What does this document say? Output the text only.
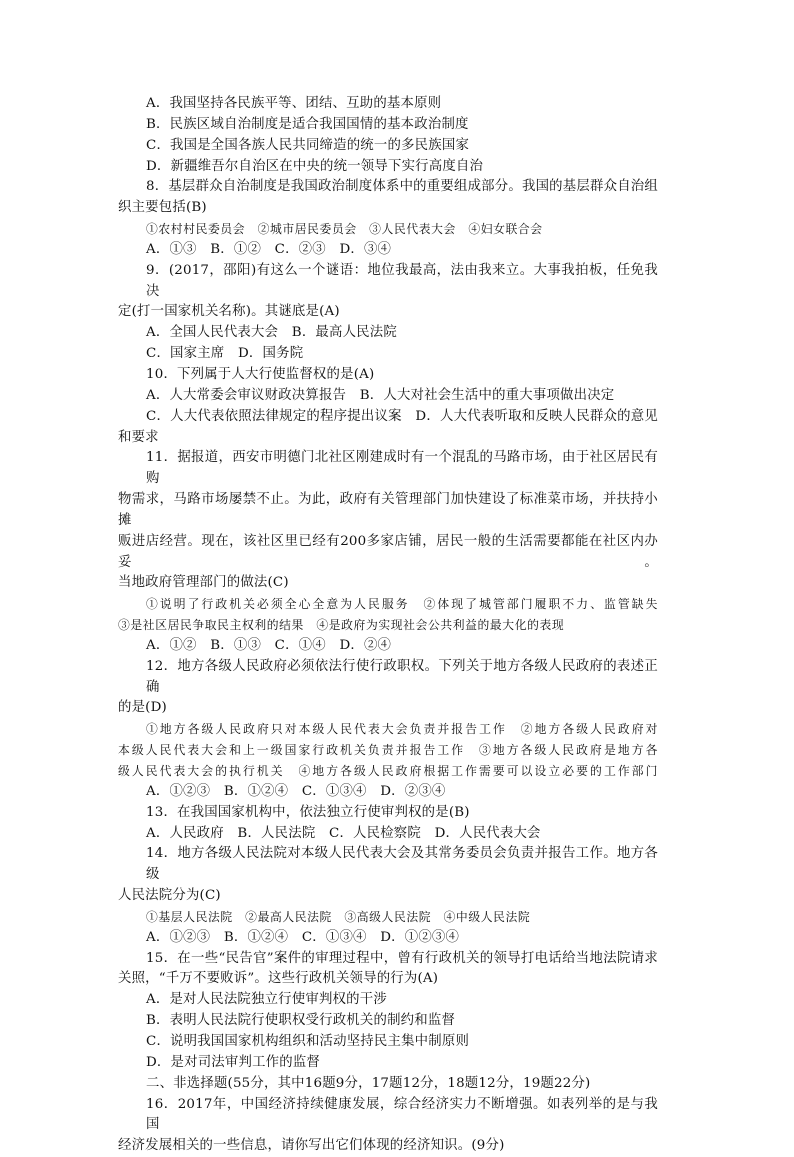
A．我国坚持各民族平等、团结、互助的基本原则
B．民族区域自治制度是适合我国国情的基本政治制度
C．我国是全国各族人民共同缔造的统一的多民族国家
D．新疆维吾尔自治区在中央的统一领导下实行高度自治
8．基层群众自治制度是我国政治制度体系中的重要组成部分。我国的基层群众自治组
织主要包括(B)
①农村村民委员会　②城市居民委员会　③人民代表大会　④妇女联合会
A．①③　B．①②　C．②③　D．③④
9．(2017，邵阳)有这么一个谜语：地位我最高，法由我来立。大事我拍板，任免我决
定(打一国家机关名称)。其谜底是(A)
A．全国人民代表大会　B．最高人民法院
C．国家主席　D．国务院
10．下列属于人大行使监督权的是(A)
A．人大常委会审议财政决算报告　B．人大对社会生活中的重大事项做出决定
C．人大代表依照法律规定的程序提出议案　D．人大代表听取和反映人民群众的意见
和要求
11．据报道，西安市明德门北社区刚建成时有一个混乱的马路市场，由于社区居民有购
物需求，马路市场屡禁不止。为此，政府有关管理部门加快建设了标准菜市场，并扶持小摊
贩进店经营。现在，该社区里已经有200多家店铺，居民一般的生活需要都能在社区内办妥。
当地政府管理部门的做法(C)
①说明了行政机关必须全心全意为人民服务　②体现了城管部门履职不力、监管缺失
③是社区居民争取民主权利的结果　④是政府为实现社会公共利益的最大化的表现
A．①②　B．①③　C．①④　D．②④
12．地方各级人民政府必须依法行使行政职权。下列关于地方各级人民政府的表述正确
的是(D)
①地方各级人民政府只对本级人民代表大会负责并报告工作　②地方各级人民政府对
本级人民代表大会和上一级国家行政机关负责并报告工作　③地方各级人民政府是地方各
级人民代表大会的执行机关　④地方各级人民政府根据工作需要可以设立必要的工作部门
A．①②③　B．①②④　C．①③④　D．②③④
13．在我国国家机构中，依法独立行使审判权的是(B)
A．人民政府　B．人民法院　C．人民检察院　D．人民代表大会
14．地方各级人民法院对本级人民代表大会及其常务委员会负责并报告工作。地方各级
人民法院分为(C)
①基层人民法院　②最高人民法院　③高级人民法院　④中级人民法院
A．①②③　B．①②④　C．①③④　D．①②③④
15．在一些“民告官”案件的审理过程中，曾有行政机关的领导打电话给当地法院请求
关照，“千万不要败诉”。这些行政机关领导的行为(A)
A．是对人民法院独立行使审判权的干涉
B．表明人民法院行使职权受行政机关的制约和监督
C．说明我国国家机构组织和活动坚持民主集中制原则
D．是对司法审判工作的监督
二、非选择题(55分，其中16题9分，17题12分，18题12分，19题22分)
16．2017年，中国经济持续健康发展，综合经济实力不断增强。如表列举的是与我国
经济发展相关的一些信息，请你写出它们体现的经济知识。(9分)
